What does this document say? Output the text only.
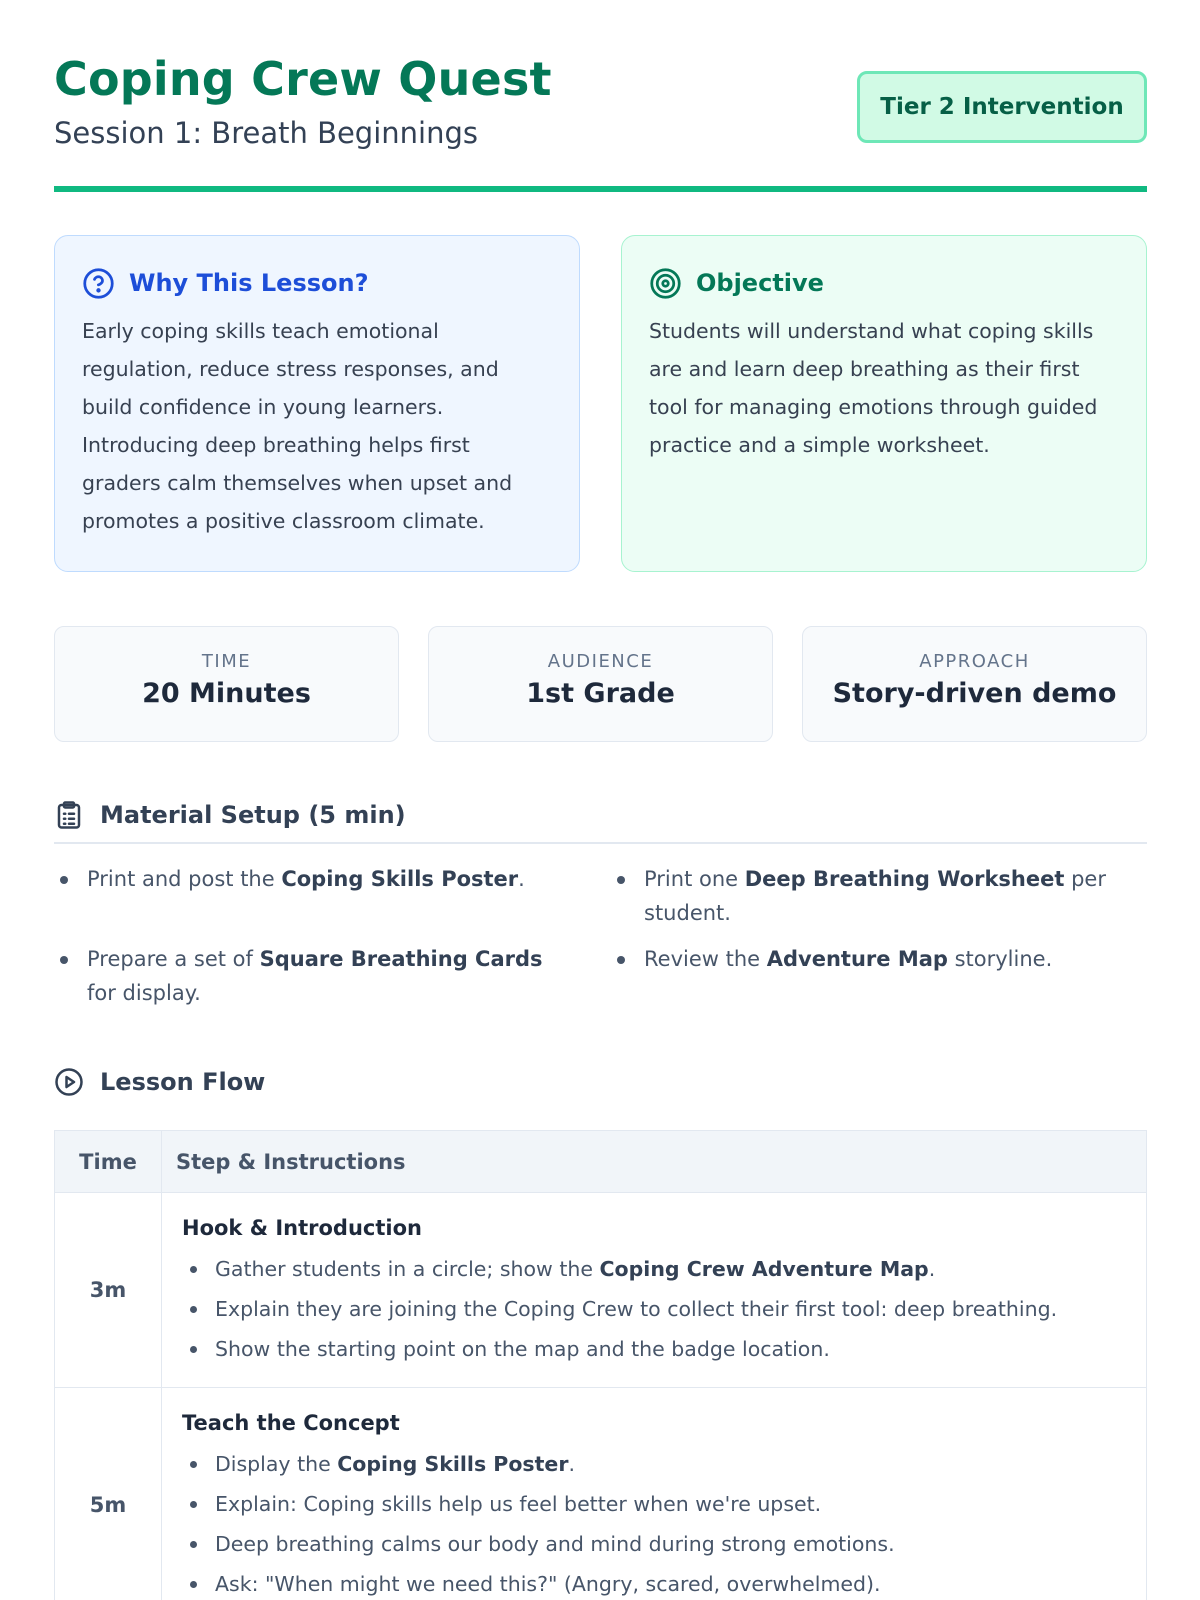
Coping Crew Quest
Session 1: Breath Beginnings
Tier 2 Intervention
Why This Lesson?
Early coping skills teach emotional regulation, reduce stress responses, and build confidence in young learners. Introducing deep breathing helps first graders calm themselves when upset and promotes a positive classroom climate.
Objective
Students will understand what coping skills are and learn deep breathing as their first tool for managing emotions through guided practice and a simple worksheet.
TIME
20 Minutes
AUDIENCE
1st Grade
APPROACH
Story-driven demo
Material Setup (5 min)
Print and post the Coping Skills Poster.	Print one Deep Breathing Worksheet per student.
Prepare a set of Square Breathing Cards for display.
Review the Adventure Map storyline.
Lesson Flow
Time	Step & Instructions
3m	Hook & Introduction
Gather students in a circle; show the Coping Crew Adventure Map.
Explain they are joining the Coping Crew to collect their first tool: deep breathing.
Show the starting point on the map and the badge location.

5m	Teach the Concept
Display the Coping Skills Poster.
Explain: Coping skills help us feel better when we're upset.
Deep breathing calms our body and mind during strong emotions.
Ask: "When might we need this?" (Angry, scared, overwhelmed).
